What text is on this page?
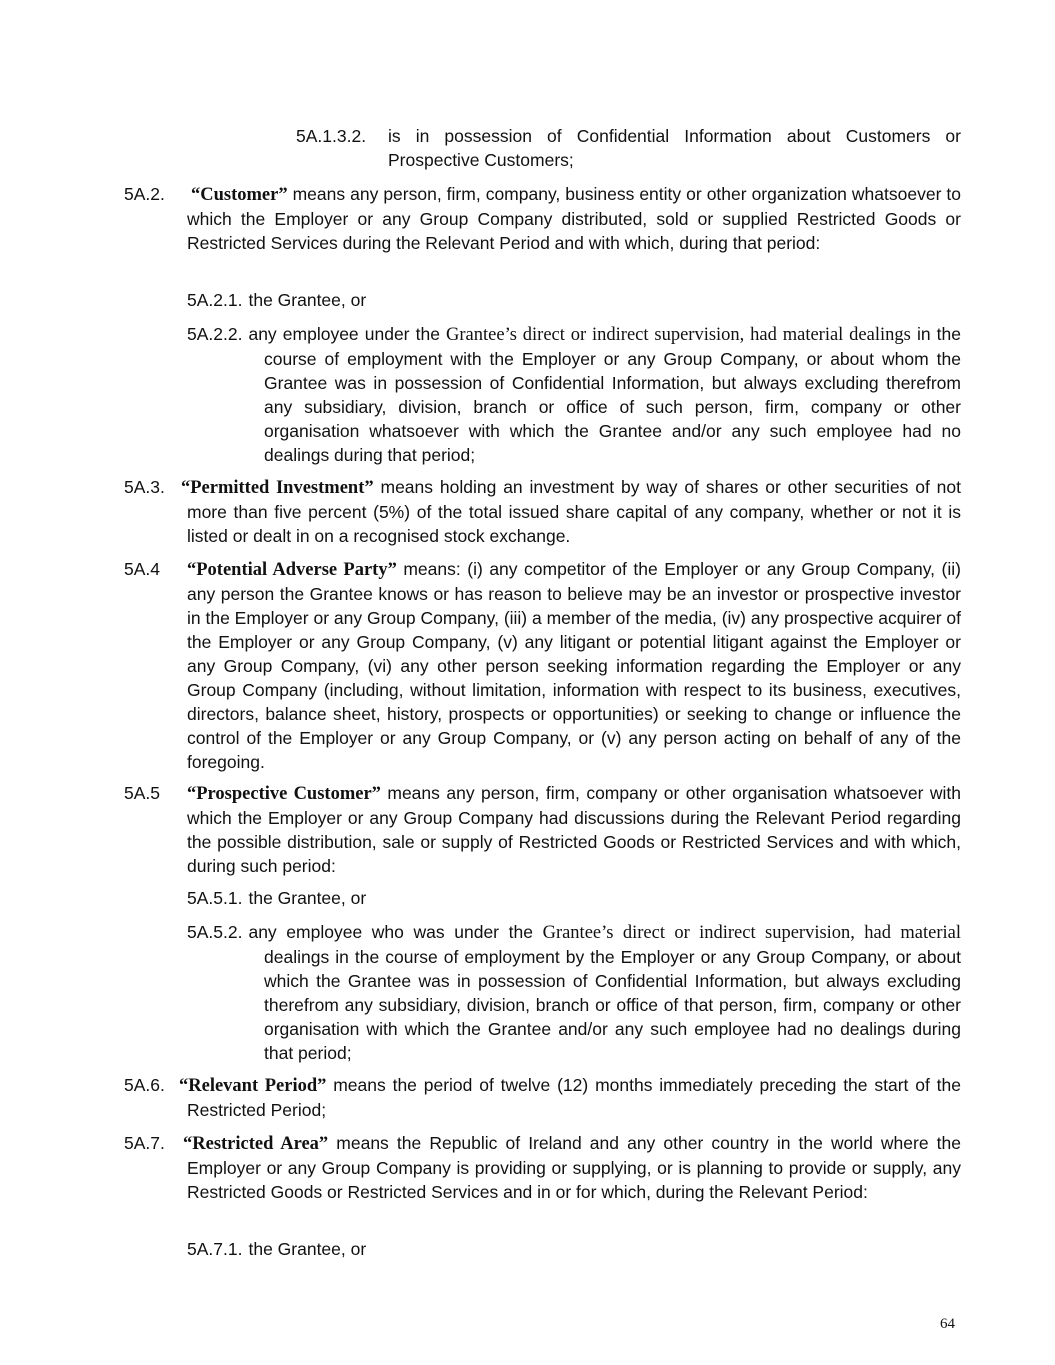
5A.1.3.2. is in possession of Confidential Information about Customers or Prospective Customers;
5A.2. “Customer” means any person, firm, company, business entity or other organization whatsoever to which the Employer or any Group Company distributed, sold or supplied Restricted Goods or Restricted Services during the Relevant Period and with which, during that period:
5A.2.1. the Grantee, or
5A.2.2. any employee under the Grantee’s direct or indirect supervision, had material dealings in the course of employment with the Employer or any Group Company, or about whom the Grantee was in possession of Confidential Information, but always excluding therefrom any subsidiary, division, branch or office of such person, firm, company or other organisation whatsoever with which the Grantee and/or any such employee had no dealings during that period;
5A.3. “Permitted Investment” means holding an investment by way of shares or other securities of not more than five percent (5%) of the total issued share capital of any company, whether or not it is listed or dealt in on a recognised stock exchange.
5A.4 “Potential Adverse Party” means: (i) any competitor of the Employer or any Group Company, (ii) any person the Grantee knows or has reason to believe may be an investor or prospective investor in the Employer or any Group Company, (iii) a member of the media, (iv) any prospective acquirer of the Employer or any Group Company, (v) any litigant or potential litigant against the Employer or any Group Company, (vi) any other person seeking information regarding the Employer or any Group Company (including, without limitation, information with respect to its business, executives, directors, balance sheet, history, prospects or opportunities) or seeking to change or influence the control of the Employer or any Group Company, or (v) any person acting on behalf of any of the foregoing.
5A.5 “Prospective Customer” means any person, firm, company or other organisation whatsoever with which the Employer or any Group Company had discussions during the Relevant Period regarding the possible distribution, sale or supply of Restricted Goods or Restricted Services and with which, during such period:
5A.5.1. the Grantee, or
5A.5.2. any employee who was under the Grantee’s direct or indirect supervision, had material dealings in the course of employment by the Employer or any Group Company, or about which the Grantee was in possession of Confidential Information, but always excluding therefrom any subsidiary, division, branch or office of that person, firm, company or other organisation with which the Grantee and/or any such employee had no dealings during that period;
5A.6. “Relevant Period” means the period of twelve (12) months immediately preceding the start of the Restricted Period;
5A.7. “Restricted Area” means the Republic of Ireland and any other country in the world where the Employer or any Group Company is providing or supplying, or is planning to provide or supply, any Restricted Goods or Restricted Services and in or for which, during the Relevant Period:
5A.7.1. the Grantee, or
64
